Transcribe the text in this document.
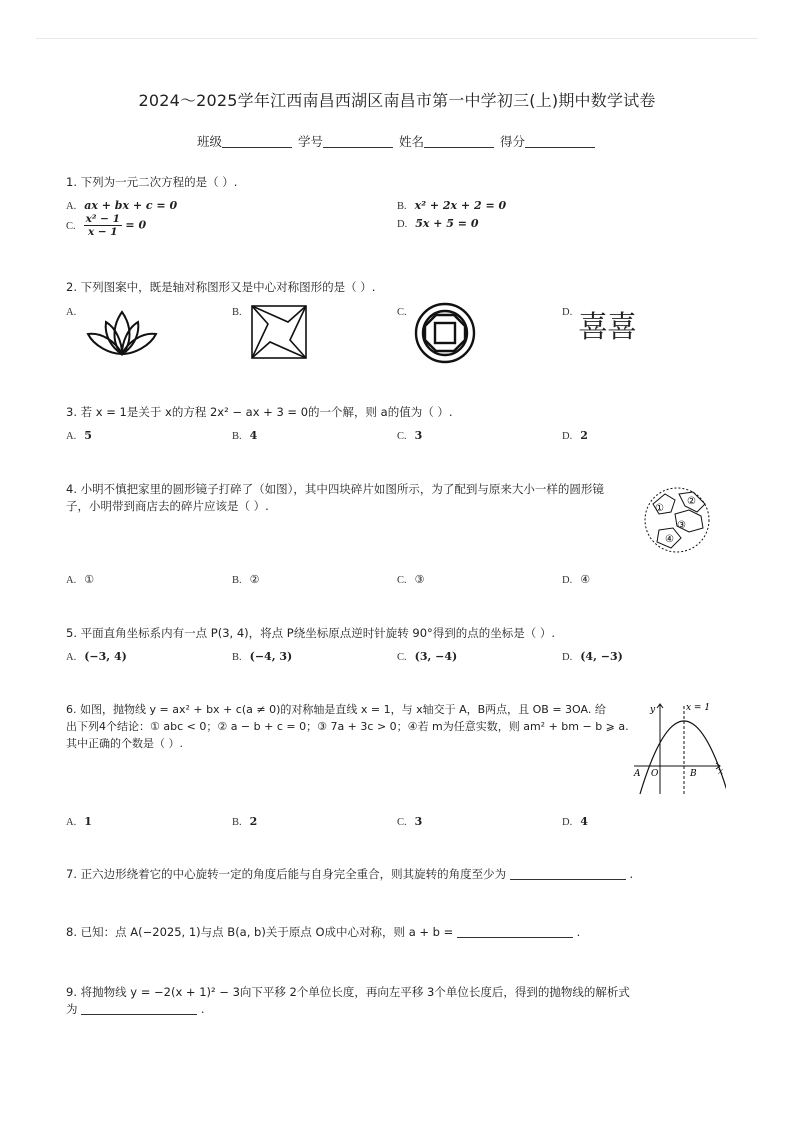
2024～2025学年江西南昌西湖区南昌市第一中学初三(上)期中数学试卷
班级	学号	姓名	得分
1. 下列为一元二次方程的是（ ）.
A. ax + bx + c = 0	B. x² + 2x + 2 = 0
C. $\frac{\text{x² − 1}}{x - 1} = 0$	D. 5x + 5 = 0
2. 下列图案中，既是轴对称图形又是中心对称图形的是（ ）.
A.	B.	C.	D. 喜喜
3. 若 x = 1是关于 x的方程 2x² − ax + 3 = 0的一个解，则 a的值为（ ）.
A. 5	B. 4	C. 3	D. 2
4. 小明不慎把家里的圆形镜子打碎了（如图），其中四块碎片如图所示，为了配到与原来大小一样的圆形镜
子，小明带到商店去的碎片应该是（ ）.	①
②
③
④
A. ①	B. ②	C. ③	D. ④
5. 平面直角坐标系内有一点 P(3, 4)，将点 P绕坐标原点逆时针旋转 90°得到的点的坐标是（ ）.
A. (−3, 4)	B. (−4, 3)	C. (3, −4)	D. (4, −3)
6. 如图，抛物线 y = ax² + bx + c(a ≠ 0)的对称轴是直线 x = 1，与 x轴交于 A，B两点，且 OB = 3OA. 给
出下列4个结论：① abc < 0；② a − b + c = 0；③ 7a + 3c > 0；④若 m为任意实数，则 am² + bm − b ⩾ a.
其中正确的个数是（ ）.
y	x = 1
x
A O	B
A. 1	B. 2	C. 3	D. 4
7. 正六边形绕着它的中心旋转一定的角度后能与自身完全重合，则其旋转的角度至少为	.
8. 已知：点 A(−2025, 1)与点 B(a, b)关于原点 O成中心对称，则 a + b =	.
9. 将抛物线 y = −2(x + 1)² − 3向下平移 2个单位长度，再向左平移 3个单位长度后，得到的抛物线的解析式
为	.
